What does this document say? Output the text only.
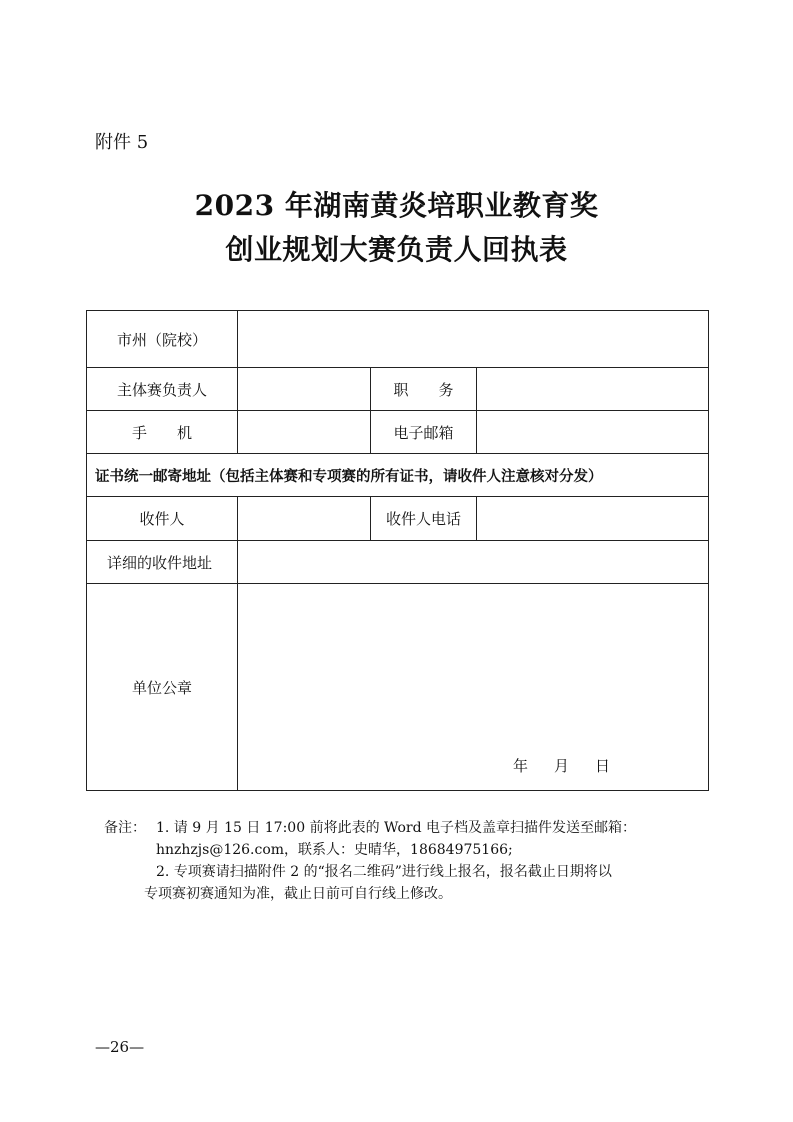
附件 5
2023 年湖南黄炎培职业教育奖
创业规划大赛负责人回执表
市州（院校）			
主体赛负责人		职　　务	
手　　机		电子邮箱	
证书统一邮寄地址（包括主体赛和专项赛的所有证书，请收件人注意核对分发）			
收件人		收件人电话	
详细的收件地址			
单位公章	年 月 日		
备注： 1. 请 9 月 15 日 17:00 前将此表的 Word 电子档及盖章扫描件发送至邮箱：
hnzhzjs@126.com，联系人：史晴华，18684975166;
2. 专项赛请扫描附件 2 的“报名二维码”进行线上报名，报名截止日期将以
专项赛初赛通知为准，截止日前可自行线上修改。
—26—
